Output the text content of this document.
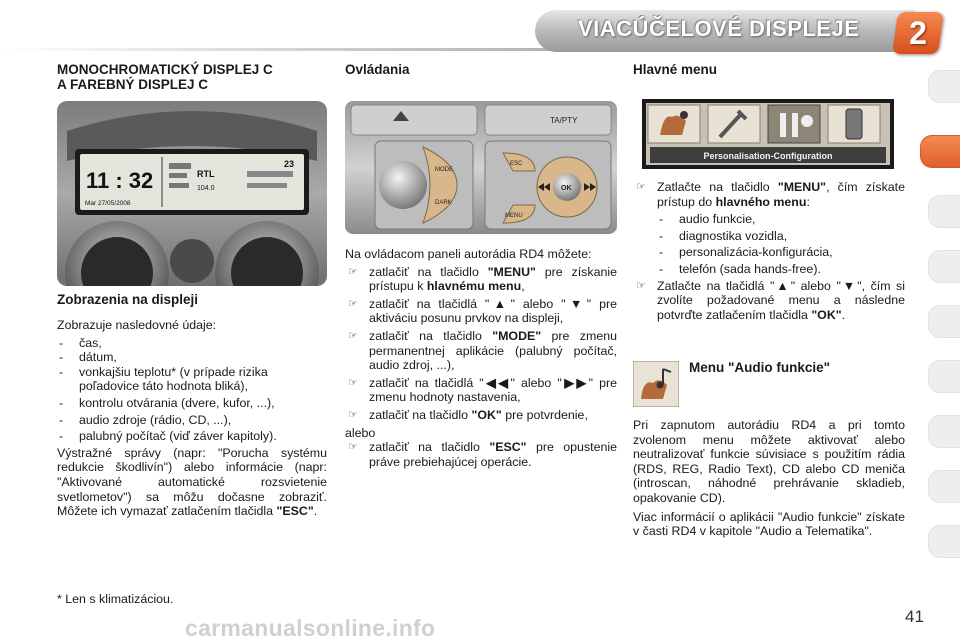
VIACÚČELOVÉ DISPLEJE	2
MONOCHROMATICKÝ DISPLEJ C
A FAREBNÝ DISPLEJ C
11 : 32
Mar 27/05/2008
23
RTL
104.0
Zobrazenia na displeji

Zobrazuje nasledovné údaje:

- čas,
- dátum,
- vonkajšiu teplotu* (v prípade rizika poľadovice táto hodnota bliká),
- kontrolu otvárania (dvere, kufor, ...),
- audio zdroje (rádio, CD, ...),
- palubný počítač (viď záver kapitoly).

Výstražné správy (napr: "Porucha systému redukcie škodlivín") alebo informácie (napr: "Aktivované automatické rozsvietenie svetlometov") sa môžu dočasne zobraziť. Môžete ich vymazať zatlačením tlačidla "ESC".

* Len s klimatizáciou.
Ovládania
TA/PTY
MODE
DARK
OK
ESC
MENU

Na ovládacom paneli autorádia RD4 môžete:

☞ zatlačiť na tlačidlo "MENU" pre získanie prístupu k hlavnému menu,
☞ zatlačiť na tlačidlá "▲" alebo "▼" pre aktiváciu posunu prvkov na displeji,
☞ zatlačiť na tlačidlo "MODE" pre zmenu permanentnej aplikácie (palubný počítač, audio zdroj, ...),
☞ zatlačiť na tlačidlá "◀◀" alebo "▶▶" pre zmenu hodnoty nastavenia,
☞ zatlačiť na tlačidlo "OK" pre potvrdenie,

alebo

☞ zatlačiť na tlačidlo "ESC" pre opustenie práve prebiehajúcej operácie.
Hlavné menu
Personalisation-Configuration
☞ Zatlačte na tlačidlo "MENU", čím získate prístup do hlavného menu:
- audio funkcie,
- diagnostika vozidla,
- personalizácia-konfigurácia,
- telefón (sada hands-free).
☞ Zatlačte na tlačidlá "▲" alebo "▼", čím si zvolíte požadované menu a následne potvrďte zatlačením tlačidla "OK".
Menu "Audio funkcie"

Pri zapnutom autorádiu RD4 a pri tomto zvolenom menu môžete aktivovať alebo neutralizovať funkcie súvisiace s použitím rádia (RDS, REG, Radio Text), CD alebo CD meniča (introscan, náhodné prehrávanie skladieb, opakovanie CD).

Viac informácií o aplikácii "Audio funkcie" získate v časti RD4 v kapitole "Audio a Telematika".

carmanualsonline.info	41
